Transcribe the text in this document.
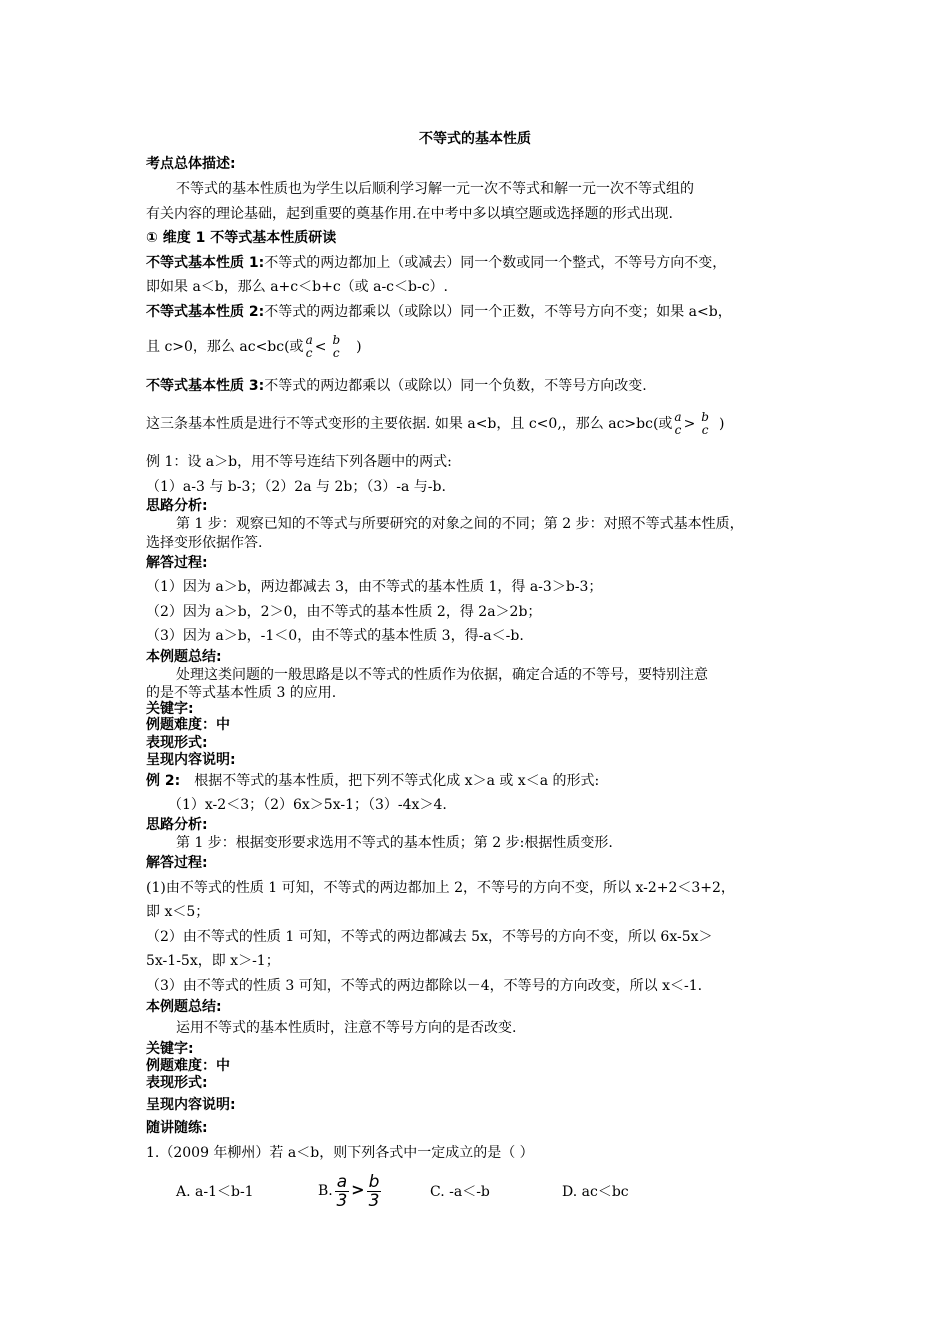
不等式的基本性质
考点总体描述:
不等式的基本性质也为学生以后顺利学习解一元一次不等式和解一元一次不等式组的
有关内容的理论基础，起到重要的奠基作用.在中考中多以填空题或选择题的形式出现.
① 维度 1 不等式基本性质研读
不等式基本性质 1:不等式的两边都加上（或减去）同一个数或同一个整式，不等号方向不变，
即如果 a＜b，那么 a+c＜b+c（或 a-c＜b-c）.
不等式基本性质 2:不等式的两边都乘以（或除以）同一个正数，不等号方向不变；如果 a<b，
且 c>0，那么 ac<bc(或 a
c < b
c )
不等式基本性质 3:不等式的两边都乘以（或除以）同一个负数，不等号方向改变.
这三条基本性质是进行不等式变形的主要依据. 如果 a<b，且 c<0,，那么 ac>bc(或 a
c > b
c )
例 1：设 a＞b，用不等号连结下列各题中的两式:
（1）a-3 与 b-3；（2）2a 与 2b；（3）-a 与-b.
思路分析:
第 1 步：观察已知的不等式与所要研究的对象之间的不同；第 2 步：对照不等式基本性质，
选择变形依据作答.
解答过程:
（1）因为 a＞b，两边都减去 3，由不等式的基本性质 1，得 a-3＞b-3；
（2）因为 a＞b，2＞0，由不等式的基本性质 2，得 2a＞2b；
（3）因为 a＞b，-1＜0，由不等式的基本性质 3，得-a＜-b.
本例题总结:
处理这类问题的一般思路是以不等式的性质作为依据，确定合适的不等号，要特别注意
的是不等式基本性质 3 的应用.
关键字:
例题难度：中
表现形式:
呈现内容说明:
例 2: 根据不等式的基本性质，把下列不等式化成 x＞a 或 x＜a 的形式:
（1）x-2＜3；（2）6x＞5x-1；（3）-4x＞4.
思路分析:
第 1 步：根据变形要求选用不等式的基本性质；第 2 步:根据性质变形.
解答过程:
(1)由不等式的性质 1 可知，不等式的两边都加上 2，不等号的方向不变，所以 x-2+2＜3+2，
即 x＜5；
（2）由不等式的性质 1 可知，不等式的两边都减去 5x，不等号的方向不变，所以 6x-5x＞
5x-1-5x，即 x＞-1；
（3）由不等式的性质 3 可知，不等式的两边都除以－4，不等号的方向改变，所以 x＜-1.
本例题总结:
运用不等式的基本性质时，注意不等号方向的是否改变.
关键字:
例题难度：中
表现形式:
呈现内容说明:
随讲随练:
1.（2009 年柳州）若 a＜b，则下列各式中一定成立的是（ ）
A. a-1＜b-1	B. $\frac{a}{3} > \frac{b}{3}$	C. -a＜-b	D. ac＜bc
